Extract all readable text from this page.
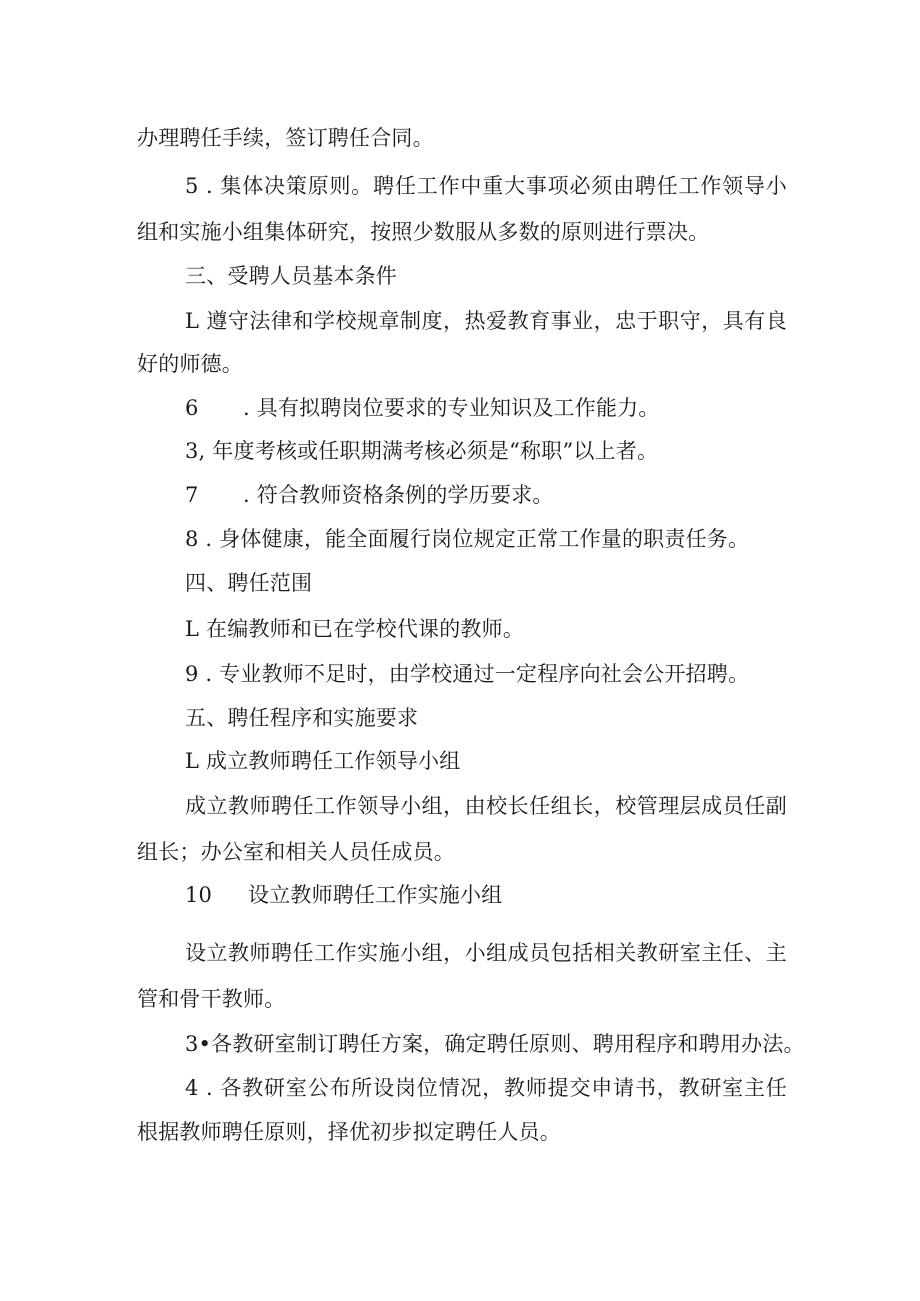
办理聘任手续，签订聘任合同。
5 . 集体决策原则。聘任工作中重大事项必须由聘任工作领导小
组和实施小组集体研究，按照少数服从多数的原则进行票决。
三、受聘人员基本条件
L 遵守法律和学校规章制度，热爱教育事业，忠于职守，具有良
好的师德。
6 . 具有拟聘岗位要求的专业知识及工作能力。
3, 年度考核或任职期满考核必须是“称职”以上者。
7 . 符合教师资格条例的学历要求。
8 . 身体健康，能全面履行岗位规定正常工作量的职责任务。
四、聘任范围
L 在编教师和已在学校代课的教师。
9 . 专业教师不足时，由学校通过一定程序向社会公开招聘。
五、聘任程序和实施要求
L 成立教师聘任工作领导小组
成立教师聘任工作领导小组，由校长任组长，校管理层成员任副
组长；办公室和相关人员任成员。
10 设立教师聘任工作实施小组
设立教师聘任工作实施小组，小组成员包括相关教研室主任、主
管和骨干教师。
3•各教研室制订聘任方案，确定聘任原则、聘用程序和聘用办法。
4 . 各教研室公布所设岗位情况，教师提交申请书，教研室主任
根据教师聘任原则，择优初步拟定聘任人员。
